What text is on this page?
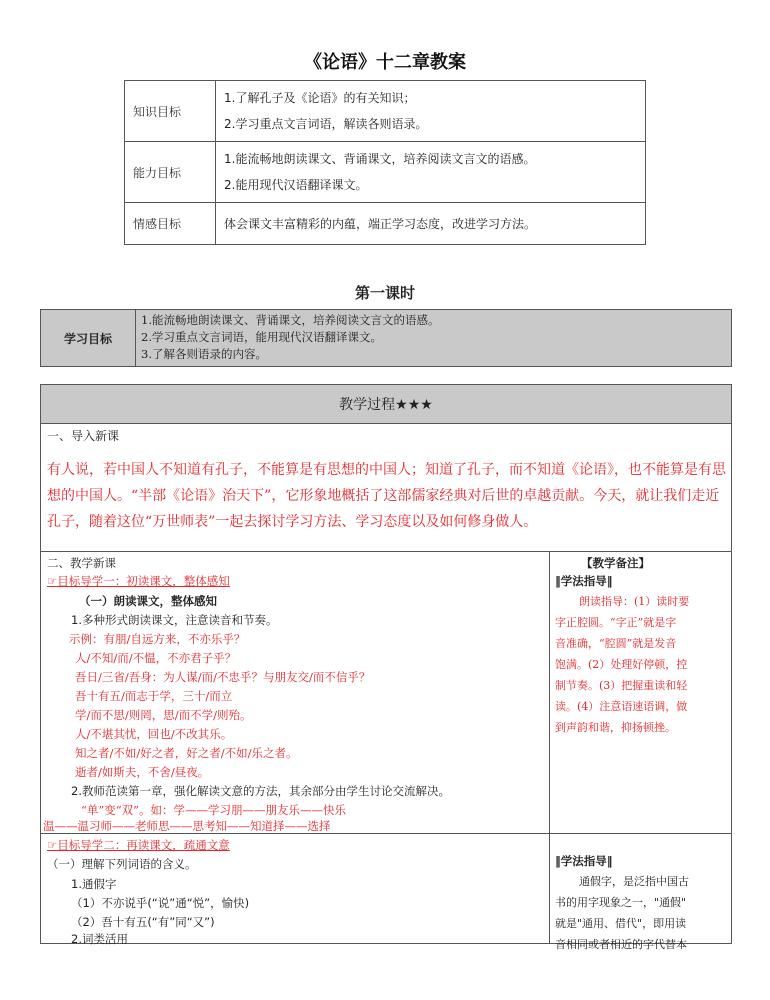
《论语》十二章教案
知识目标	1.了解孔子及《论语》的有关知识；
2.学习重点文言词语，解读各则语录。

能力目标	1.能流畅地朗读课文、背诵课文，培养阅读文言文的语感。
2.能用现代汉语翻译课文。

情感目标	体会课文丰富精彩的内蕴，端正学习态度，改进学习方法。
第一课时
学习目标
1.能流畅地朗读课文、背诵课文，培养阅读文言文的语感。
2.学习重点文言词语，能用现代汉语翻译课文。
3.了解各则语录的内容。
教学过程★★★
一、导入新课
有人说，若中国人不知道有孔子，不能算是有思想的中国人；知道了孔子，而不知道《论语》，也不能算是有思想的中国人。“半部《论语》治天下”，它形象地概括了这部儒家经典对后世的卓越贡献。今天，就让我们走近孔子，随着这位“万世师表”一起去探讨学习方法、学习态度以及如何修身做人。
二、教学新课
☞目标导学一：初读课文，整体感知
（一）朗读课文，整体感知
1.多种形式朗读课文，注意读音和节奏。
示例：有朋/自远方来，不亦乐乎？
人/不知/而/不愠，不亦君子乎？
吾日/三省/吾身：为人谋/而/不忠乎？与朋友交/而不信乎？
吾十有五/而志于学，三十/而立
学/而不思/则罔，思/而不学/则殆。
人/不堪其忧，回也/不改其乐。
知之者/不如/好之者，好之者/不如/乐之者。
逝者/如斯夫，不舍/昼夜。
2.教师范读第一章，强化解读文意的方法，其余部分由学生讨论交流解决。
“单”变“双”。如：学——学习朋——朋友乐——快乐
温——温习师——老师思——思考知——知道择——选择
☞目标导学二：再读课文，疏通文意
（一）理解下列词语的含义。
1.通假字
（1）不亦说乎(“说”通“悦”，愉快)
（2）吾十有五(“有”同“又”)
2.词类活用
【教学备注】
‖学法指导‖
朗读指导：(1）读时要
字正腔圆。“字正”就是字
音准确，“腔圆”就是发音
饱满。(2）处理好停顿，控
制节奏。(3）把握重读和轻
读。(4）注意语速语调，做
到声韵和谐，抑扬顿挫。
‖学法指导‖
通假字，是泛指中国古
书的用字现象之一，"通假"
就是"通用、借代"，即用读
音相同或者相近的字代替本
